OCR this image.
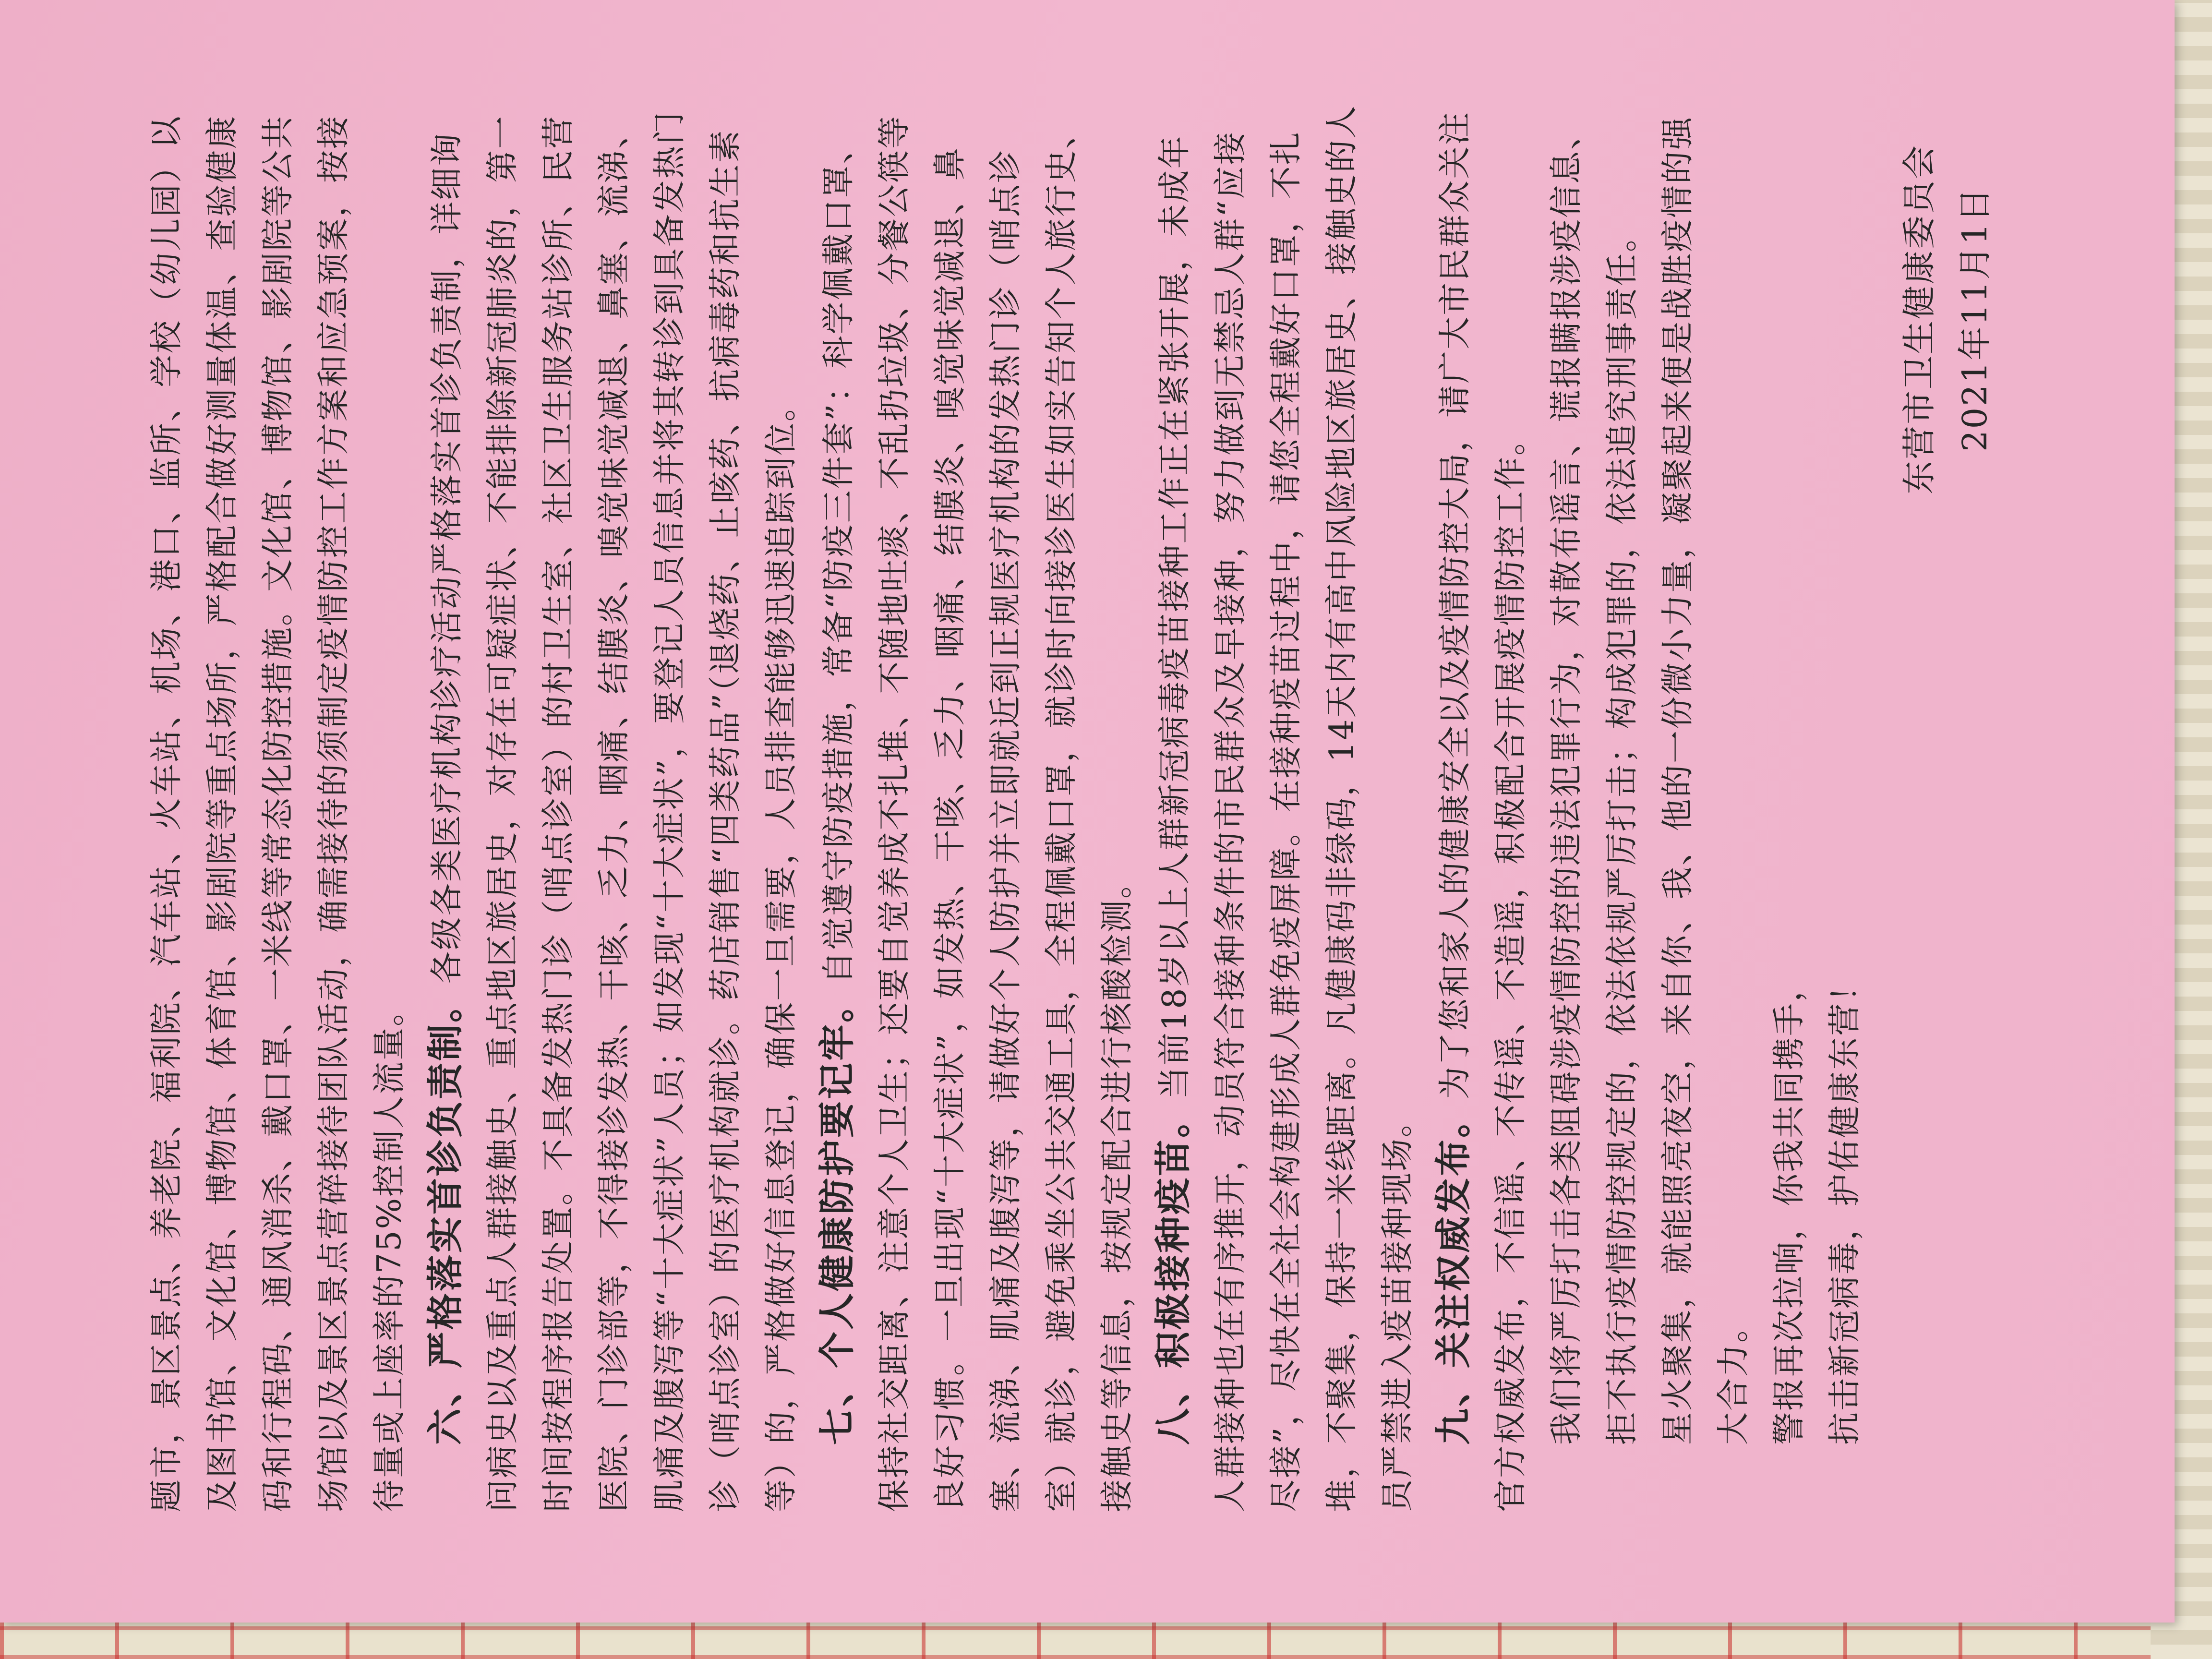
题市，景区景点、养老院、福利院、汽车站、火车站、机场、港口、监所、学校（幼儿园）以及图书馆、文化馆、博物馆、体育馆、影剧院等重点场所，严格配合做好测量体温、查验健康码和行程码、通风消杀、戴口罩、一米线等常态化防控措施。文化馆、博物馆、影剧院等公共场馆以及景区景点营碎接待团队活动，确需接待的须制定疫情防控工作方案和应急预案，按接待量或上座率的75%控制人流量。 六、严格落实首诊负责制。各级各类医疗机构诊疗活动严格落实首诊负责制，详细询问病史以及重点人群接触史、重点地区旅居史，对存在可疑症状、不能排除新冠肺炎的，第一时间按程序报告处置。不具备发热门诊（哨点诊室）的村卫生室、社区卫生服务站诊所、民营医院、门诊部等，不得接诊发热、干咳、乏力、咽痛、结膜炎、嗅觉味觉减退、鼻塞、流涕、肌痛及腹泻等“十大症状”人员；如发现“十大症状”，要登记人员信息并将其转诊到具备发热门诊（哨点诊室）的医疗机构就诊。药店销售“四类药品”（退烧药、止咳药、抗病毒药和抗生素等）的，严格做好信息登记，确保一旦需要，人员排查能够迅速追踪到位。 七、个人健康防护要记牢。自觉遵守防疫措施，常备“防疫三件套”：科学佩戴口罩、保持社交距离、注意个人卫生；还要自觉养成不扎堆、不随地吐痰、不乱扔垃圾、分餐公筷等良好习惯。一旦出现“十大症状”，如发热、干咳、乏力、咽痛、结膜炎、嗅觉味觉减退、鼻塞、流涕、肌痛及腹泻等，请做好个人防护并立即就近到正规医疗机构的发热门诊（哨点诊室）就诊，避免乘坐公共交通工具，全程佩戴口罩，就诊时向接诊医生如实告知个人旅行史、接触史等信息，按规定配合进行核酸检测。 八、积极接种疫苗。当前18岁以上人群新冠病毒疫苗接种工作正在紧张开展，未成年人群接种也在有序推开，动员符合接种条件的市民群众及早接种，努力做到无禁忌人群“应接尽接”，尽快在全社会构建形成人群免疫屏障。在接种疫苗过程中，请您全程戴好口罩，不扎堆，不聚集，保持一米线距离。凡健康码非绿码，14天内有高中风险地区旅居史、接触史的人员严禁进入疫苗接种现场。 九、关注权威发布。为了您和家人的健康安全以及疫情防控大局，请广大市民群众关注官方权威发布，不信谣、不传谣、不造谣，积极配合开展疫情防控工作。 我们将严厉打击各类阻碍涉疫情防控的违法犯罪行为，对散布谣言、谎报瞒报涉疫信息、拒不执行疫情防控规定的，依法依规严厉打击；构成犯罪的，依法追究刑事责任。 星火聚集，就能照亮夜空，来自你、我、他的一份微小力量，凝聚起来便是战胜疫情的强大合力。 警报再次拉响，你我共同携手， 抗击新冠病毒，护佑健康东营！

东营市卫生健康委员会 2021年11月1日
